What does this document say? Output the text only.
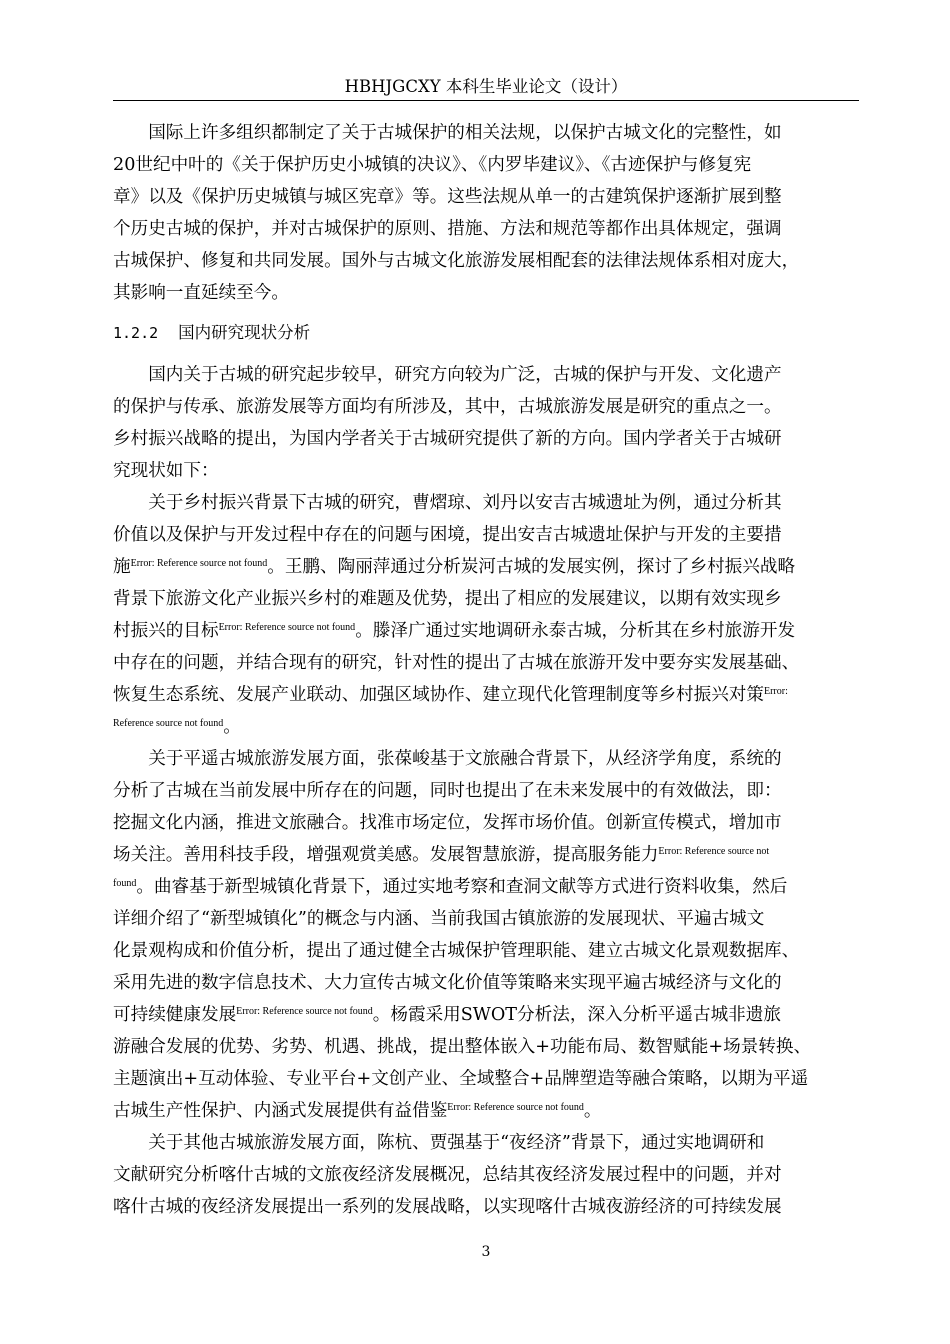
HBHJGCXY 本科生毕业论文（设计）

国际上许多组织都制定了关于古城保护的相关法规，以保护古城文化的完整性，如
20世纪中叶的《关于保护历史小城镇的决议》、《内罗毕建议》、《古迹保护与修复宪
章》以及《保护历史城镇与城区宪章》等。这些法规从单一的古建筑保护逐渐扩展到整
个历史古城的保护，并对古城保护的原则、措施、方法和规范等都作出具体规定，强调
古城保护、修复和共同发展。国外与古城文化旅游发展相配套的法律法规体系相对庞大，
其影响一直延续至今。

1.2.2 国内研究现状分析

国内关于古城的研究起步较早，研究方向较为广泛，古城的保护与开发、文化遗产
的保护与传承、旅游发展等方面均有所涉及，其中，古城旅游发展是研究的重点之一。
乡村振兴战略的提出，为国内学者关于古城研究提供了新的方向。国内学者关于古城研
究现状如下：

关于乡村振兴背景下古城的研究，曹熠琼、刘丹以安吉古城遗址为例，通过分析其
价值以及保护与开发过程中存在的问题与困境，提出安吉古城遗址保护与开发的主要措
施$^{Error: Reference source not found}$。王鹏、陶丽萍通过分析炭河古城的发展实例，探讨了乡村振兴战略
背景下旅游文化产业振兴乡村的难题及优势，提出了相应的发展建议，以期有效实现乡
村振兴的目标$^{Error: Reference source not found}$。滕泽广通过实地调研永泰古城，分析其在乡村旅游开发
中存在的问题，并结合现有的研究，针对性的提出了古城在旅游开发中要夯实发展基础、
恢复生态系统、发展产业联动、加强区域协作、建立现代化管理制度等乡村振兴对策$^{Error:}$
$^{Reference source not found}$。

关于平遥古城旅游发展方面，张葆峻基于文旅融合背景下，从经济学角度，系统的
分析了古城在当前发展中所存在的问题，同时也提出了在未来发展中的有效做法，即：
挖掘文化内涵，推进文旅融合。找准市场定位，发挥市场价值。创新宣传模式，增加市
场关注。善用科技手段，增强观赏美感。发展智慧旅游，提高服务能力$^{Error: Reference source not}$
$^{found}$。曲睿基于新型城镇化背景下，通过实地考察和查洞文献等方式进行资料收集，然后
详细介绍了“新型城镇化”的概念与内涵、当前我国古镇旅游的发展现状、平遍古城文
化景观构成和价值分析，提出了通过健全古城保护管理职能、建立古城文化景观数据库、
采用先进的数字信息技术、大力宣传古城文化价值等策略来实现平遍古城经济与文化的
可持续健康发展$^{Error: Reference source not found}$。杨霞采用SWOT分析法，深入分析平遥古城非遗旅
游融合发展的优势、劣势、机遇、挑战，提出整体嵌入+功能布局、数智赋能+场景转换、
主题演出+互动体验、专业平台+文创产业、全域整合+品牌塑造等融合策略，以期为平遥
古城生产性保护、内涵式发展提供有益借鉴$^{Error: Reference source not found}$。

关于其他古城旅游发展方面，陈杭、贾强基于“夜经济”背景下，通过实地调研和
文献研究分析喀什古城的文旅夜经济发展概况，总结其夜经济发展过程中的问题，并对
喀什古城的夜经济发展提出一系列的发展战略，以实现喀什古城夜游经济的可持续发展

3
